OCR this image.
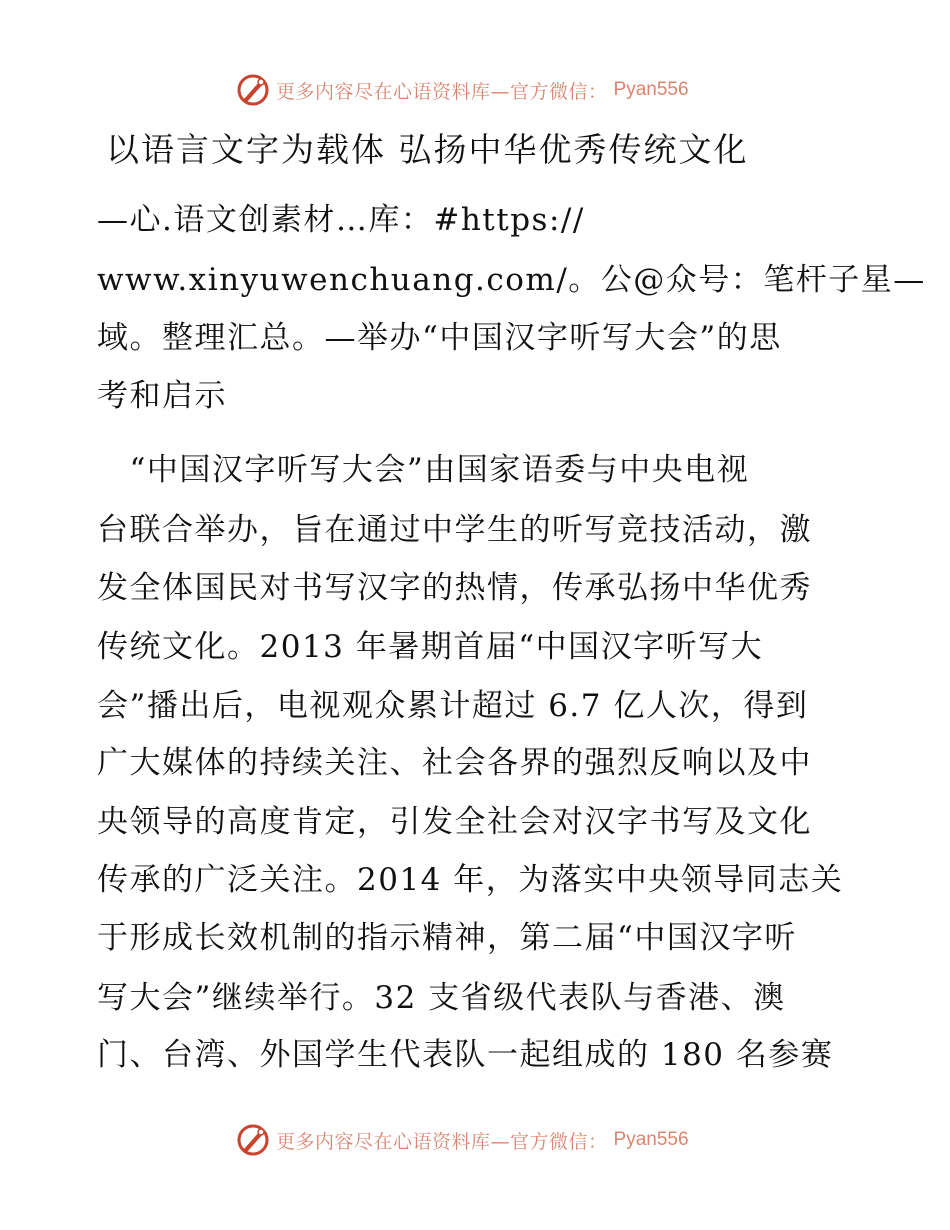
更多内容尽在心语资料库—官方微信： Pyan556
以语言文字为载体 弘扬中华优秀传统文化
—心.语文创素材…库：#https://
www.xinyuwenchuang.com/。公@众号：笔杆子星—
域。整理汇总。—举办“中国汉字听写大会”的思
考和启示
　“中国汉字听写大会”由国家语委与中央电视
台联合举办，旨在通过中学生的听写竞技活动，激
发全体国民对书写汉字的热情，传承弘扬中华优秀
传统文化。2013 年暑期首届“中国汉字听写大
会”播出后，电视观众累计超过 6.7 亿人次，得到
广大媒体的持续关注、社会各界的强烈反响以及中
央领导的高度肯定，引发全社会对汉字书写及文化
传承的广泛关注。2014 年，为落实中央领导同志关
于形成长效机制的指示精神，第二届“中国汉字听
写大会”继续举行。32 支省级代表队与香港、澳
门、台湾、外国学生代表队一起组成的 180 名参赛
更多内容尽在心语资料库—官方微信： Pyan556
